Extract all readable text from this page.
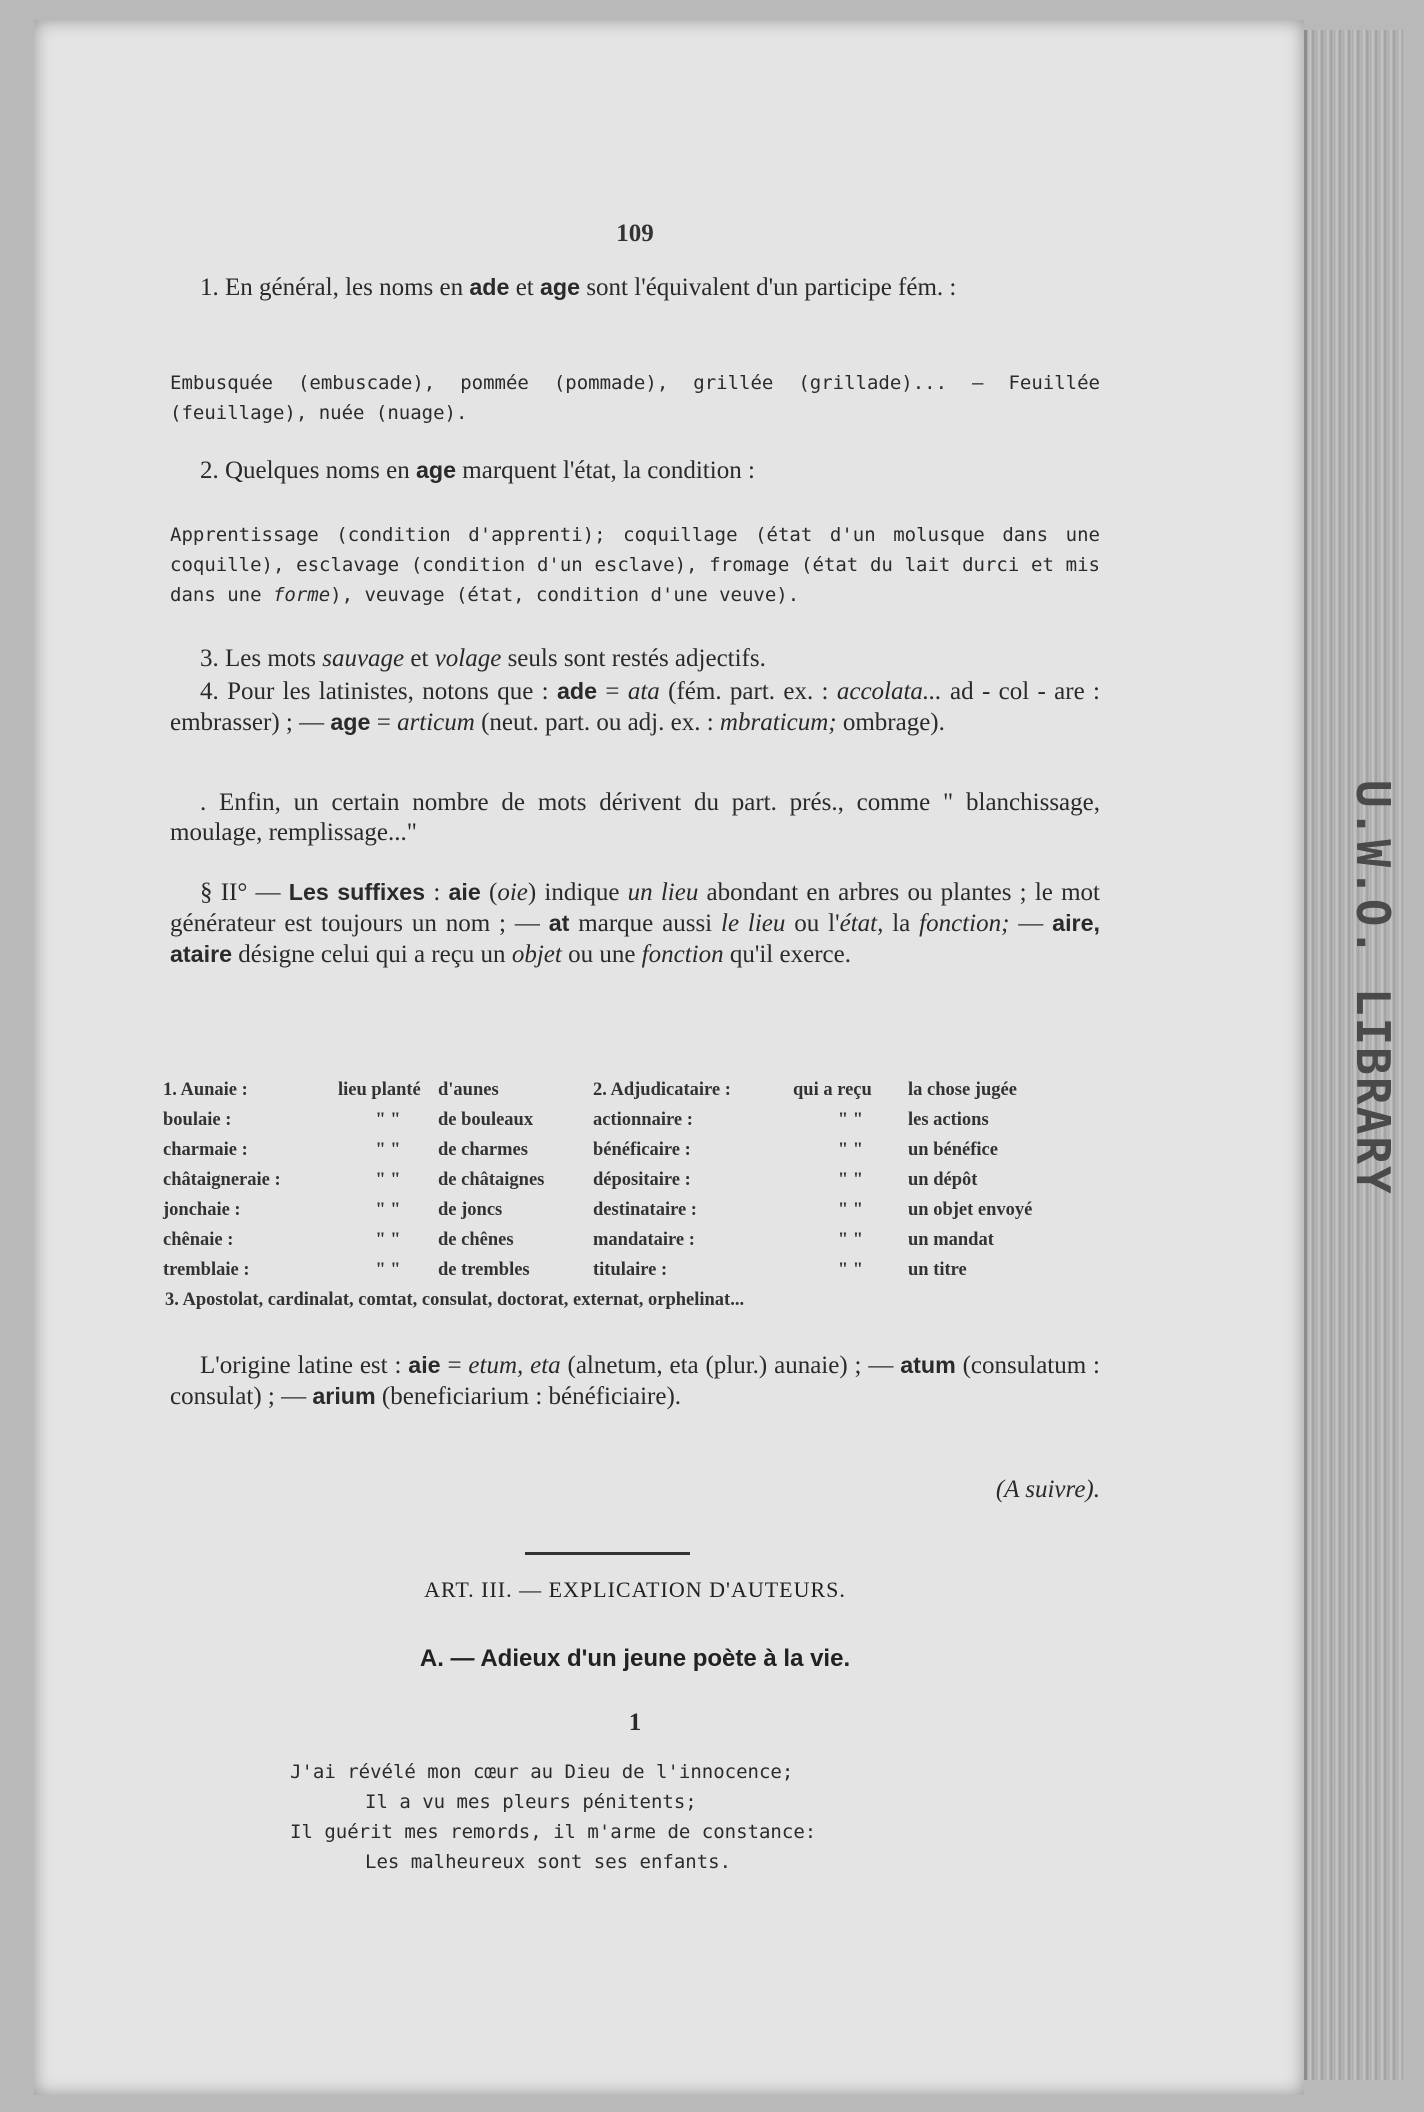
U.W.O. LIBRARY
109

1. En général, les noms en ade et age sont l'équivalent d'un participe fém. :

Embusquée (embuscade), pommée (pommade), grillée (grillade)... — Feuillée (feuillage), nuée (nuage).

2. Quelques noms en age marquent l'état, la condition :

Apprentissage (condition d'apprenti); coquillage (état d'un molusque dans une coquille), esclavage (condition d'un esclave), fromage (état du lait durci et mis dans une forme), veuvage (état, condition d'une veuve).

3. Les mots sauvage et volage seuls sont restés adjectifs.

4. Pour les latinistes, notons que : ade = ata (fém. part. ex. : accolata... ad - col - are : embrasser) ; — age = articum (neut. part. ou adj. ex. : mbraticum; ombrage).

. Enfin, un certain nombre de mots dérivent du part. prés., comme " blanchissage, moulage, remplissage..."

§ II° — Les suffixes : aie (oie) indique un lieu abondant en arbres ou plantes ; le mot générateur est toujours un nom ; — at marque aussi le lieu ou l'état, la fonction; — aire, ataire désigne celui qui a reçu un objet ou une fonction qu'il exerce.

1. Aunaie :	lieu planté d'aunes	2. Adjudicataire :	qui a reçu	la chose jugée
boulaie :	" "	de bouleaux	actionnaire :	" "	les actions
charmaie :	" "	de charmes	bénéficaire :	" "	un bénéfice
châtaigneraie :	" "	de châtaignes	dépositaire :	" "	un dépôt
jonchaie :	" "	de joncs	destinataire :	" "	un objet envoyé
chênaie :	" "	de chênes	mandataire :	" "	un mandat
tremblaie :	" "	de trembles	titulaire :	" "	un titre
3. Apostolat, cardinalat, comtat, consulat, doctorat, externat, orphelinat...

L'origine latine est : aie = etum, eta (alnetum, eta (plur.) aunaie) ; — atum (consulatum : consulat) ; — arium (beneficiarium : bénéficiaire).

(A suivre).

ART. III. — EXPLICATION D'AUTEURS.

A. — Adieux d'un jeune poète à la vie.

1

J'ai révélé mon cœur au Dieu de l'innocence;
Il a vu mes pleurs pénitents;
Il guérit mes remords, il m'arme de constance:
Les malheureux sont ses enfants.
